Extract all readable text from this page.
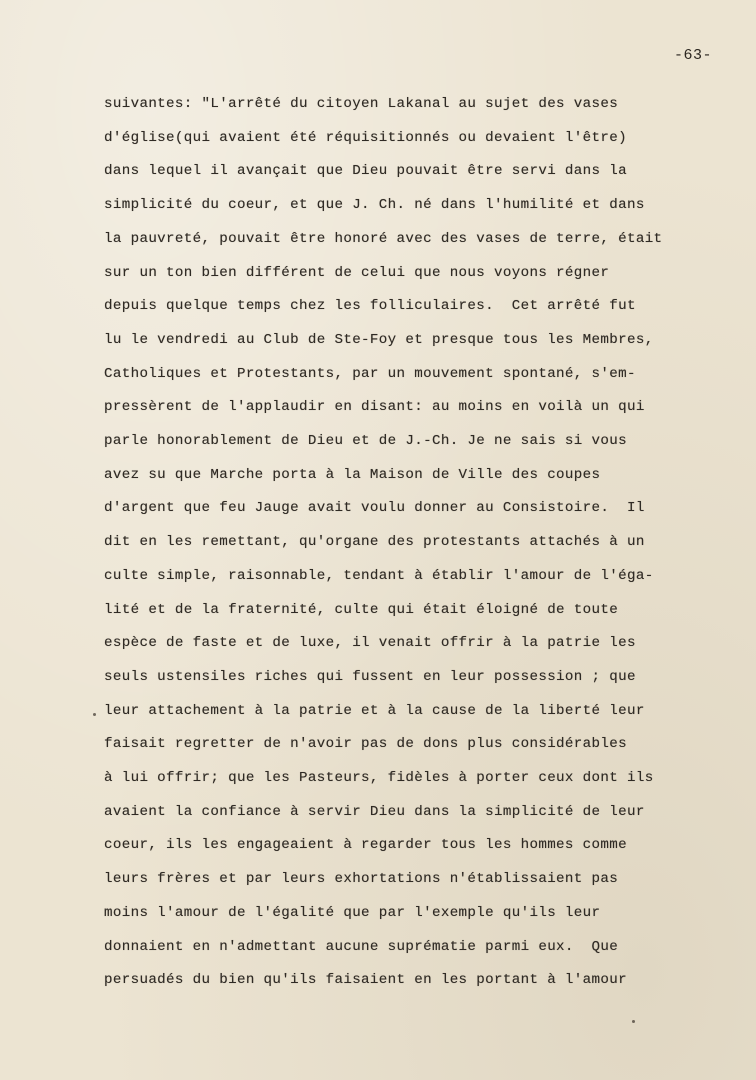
-63-
suivantes: "L'arrêté du citoyen Lakanal au sujet des vases
d'église(qui avaient été réquisitionnés ou devaient l'être)
dans lequel il avançait que Dieu pouvait être servi dans la
simplicité du coeur, et que J. Ch. né dans l'humilité et dans
la pauvreté, pouvait être honoré avec des vases de terre, était
sur un ton bien différent de celui que nous voyons régner
depuis quelque temps chez les folliculaires.  Cet arrêté fut
lu le vendredi au Club de Ste-Foy et presque tous les Membres,
Catholiques et Protestants, par un mouvement spontané, s'em-
pressèrent de l'applaudir en disant: au moins en voilà un qui
parle honorablement de Dieu et de J.-Ch. Je ne sais si vous
avez su que Marche porta à la Maison de Ville des coupes
d'argent que feu Jauge avait voulu donner au Consistoire.  Il
dit en les remettant, qu'organe des protestants attachés à un
culte simple, raisonnable, tendant à établir l'amour de l'éga-
lité et de la fraternité, culte qui était éloigné de toute
espèce de faste et de luxe, il venait offrir à la patrie les
seuls ustensiles riches qui fussent en leur possession ; que
leur attachement à la patrie et à la cause de la liberté leur
faisait regretter de n'avoir pas de dons plus considérables
à lui offrir; que les Pasteurs, fidèles à porter ceux dont ils
avaient la confiance à servir Dieu dans la simplicité de leur
coeur, ils les engageaient à regarder tous les hommes comme
leurs frères et par leurs exhortations n'établissaient pas
moins l'amour de l'égalité que par l'exemple qu'ils leur
donnaient en n'admettant aucune suprématie parmi eux.  Que
persuadés du bien qu'ils faisaient en les portant à l'amour
